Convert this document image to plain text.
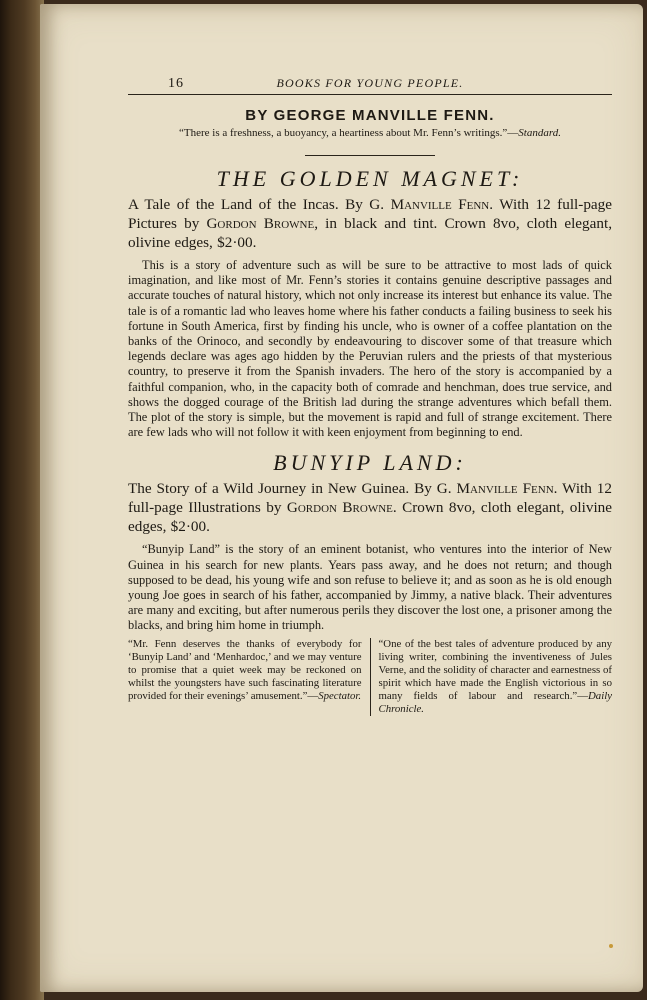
16	BOOKS FOR YOUNG PEOPLE.
BY GEORGE MANVILLE FENN.
“There is a freshness, a buoyancy, a heartiness about Mr. Fenn’s writings.”—Standard.
THE GOLDEN MAGNET:
A Tale of the Land of the Incas. By G. Manville Fenn. With 12 full-page Pictures by Gordon Browne, in black and tint. Crown 8vo, cloth elegant, olivine edges, $2·00.
This is a story of adventure such as will be sure to be attractive to most lads of quick imagination, and like most of Mr. Fenn’s stories it contains genuine descriptive passages and accurate touches of natural history, which not only increase its interest but enhance its value. The tale is of a romantic lad who leaves home where his father conducts a failing business to seek his fortune in South America, first by finding his uncle, who is owner of a coffee plantation on the banks of the Orinoco, and secondly by endeavouring to discover some of that treasure which legends declare was ages ago hidden by the Peruvian rulers and the priests of that mysterious country, to preserve it from the Spanish invaders. The hero of the story is accompanied by a faithful companion, who, in the capacity both of comrade and henchman, does true service, and shows the dogged courage of the British lad during the strange adventures which befall them. The plot of the story is simple, but the movement is rapid and full of strange excitement. There are few lads who will not follow it with keen enjoyment from beginning to end.
BUNYIP LAND:
The Story of a Wild Journey in New Guinea. By G. Manville Fenn. With 12 full-page Illustrations by Gordon Browne. Crown 8vo, cloth elegant, olivine edges, $2·00.
“Bunyip Land” is the story of an eminent botanist, who ventures into the interior of New Guinea in his search for new plants. Years pass away, and he does not return; and though supposed to be dead, his young wife and son refuse to believe it; and as soon as he is old enough young Joe goes in search of his father, accompanied by Jimmy, a native black. Their adventures are many and exciting, but after numerous perils they discover the lost one, a prisoner among the blacks, and bring him home in triumph.
“Mr. Fenn deserves the thanks of everybody for ‘Bunyip Land’ and ‘Menhardoc,’ and we may venture to promise that a quiet week may be reckoned on whilst the youngsters have such fascinating literature provided for their evenings’ amusement.”—Spectator.
“One of the best tales of adventure produced by any living writer, combining the inventiveness of Jules Verne, and the solidity of character and earnestness of spirit which have made the English victorious in so many fields of labour and research.”—Daily Chronicle.
